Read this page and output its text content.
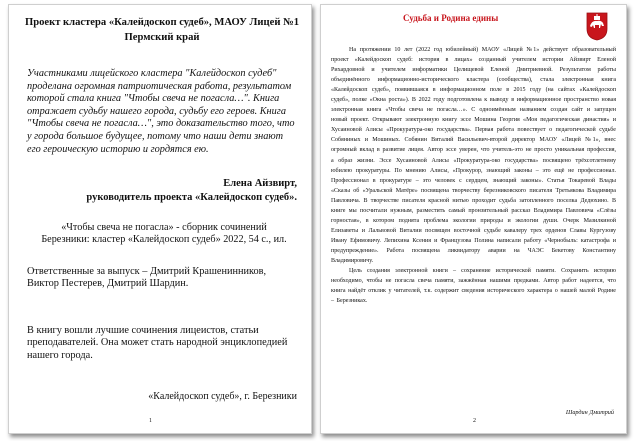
Проект кластера «Калейдоскоп судеб», МАОУ Лицей №1
Пермский край
Участниками лицейского кластера "Калейдоскоп судеб" проделана огромная патриотическая работа, результатом которой стала книга "Чтобы свеча не погасла…". Книга отражает судьбу нашего города, судьбу его героев. Книга "Чтобы свеча не погасла…", это доказательство того, что у города большое будущее, потому что наши дети знают его героическую историю и гордятся ею.
Елена Айзвирт,
руководитель проекта «Калейдоскоп судеб».
«Чтобы свеча не погасла» - сборник сочинений
Березники: кластер «Калейдоскоп судеб» 2022, 54 с., ил.
Ответственные за выпуск – Дмитрий Крашенинников, Виктор Пестерев, Дмитрий Шардин.
В книгу вошли лучшие сочинения лицеистов, статьи преподавателей. Она может стать народной энциклопедией нашего города.
«Калейдоскоп судеб», г. Березники
1
Судьба и Родина едины

На протяжении 10 лет (2022 год юбилейный) МАОУ «Лицей №1» действует образовательный проект «Калейдоскоп судеб: история в лицах» созданный учителем истории Айзвирт Еленой Рихардовной и учителем информатики Целищевой Еленой Дмитриевной. Результатом работы объединённого информационно-исторического кластера (сообщества), стала электронная книга «Калейдоскоп судеб», появившаяся в информационном поле в 2015 году (на сайтах «Калейдоскоп судеб», полке «Окна роста»). В 2022 году подготовлена к выводу в информационное пространство новая электронная книга «Чтобы свеча не погасла…». С одноимённым названием создан сайт и запущен новый проект. Открывают электронную книгу эссе Мошина Георгия «Моя педагогическая династия» и Хусаиновой Алисы «Прокуратура-око государства». Первая работа повествует о педагогической судьбе Собяниных и Мошиных. Собянин Виталий Васильевич-второй директор МАОУ «Лицей №1», внес огромный вклад в развитие лицея. Автор эссе уверен, что учитель-это не просто уникальная профессия, а образ жизни. Эссе Хусаиновой Алисы «Прокуратура-око государства» посвящено трёхсотлетнему юбилею прокуратуры. По мнению Алисы, «Прокурор, знающий законы – это ещё не профессионал. Профессионал в прокуратуре – это человек с сердцем, знающий законы». Статья Токаревой Влады «Сказы об «Уральской Матёре» посвящена творчеству березниковского писателя Третьякова Владимира Павловича. В творчестве писателя красной нитью проходит судьба затопленного поселка Дедюхино. В книге мы посчитали нужным, разместить самый пронзительный рассказ Владимира Павловича «Слёзы горностая», в котором поднята проблема экологии природы и экологии души. Очерк Мазилкиной Елизаветы и Лальвовой Виталии посвящен восточной судьбе кавалеру трех орденов Славы Кургузову Ивану Ефимовичу. Лепихина Ксения и Французова Полина написали работу «Чернобыль: катастрофа и предупреждение». Работа посвящена ликвидатору аварии на ЧАЭС Бекетову Константину Владимировичу.

Цель создания электронной книги – сохранение исторической памяти. Сохранить историю необходимо, чтобы не погасла свеча памяти, зажжённая нашими предками. Автор работ надеется, что книга найдёт отклик у читателей, т.к. содержит сведения исторического характера о нашей малой Родине – Березниках.

Шардин Дмитрий
2
